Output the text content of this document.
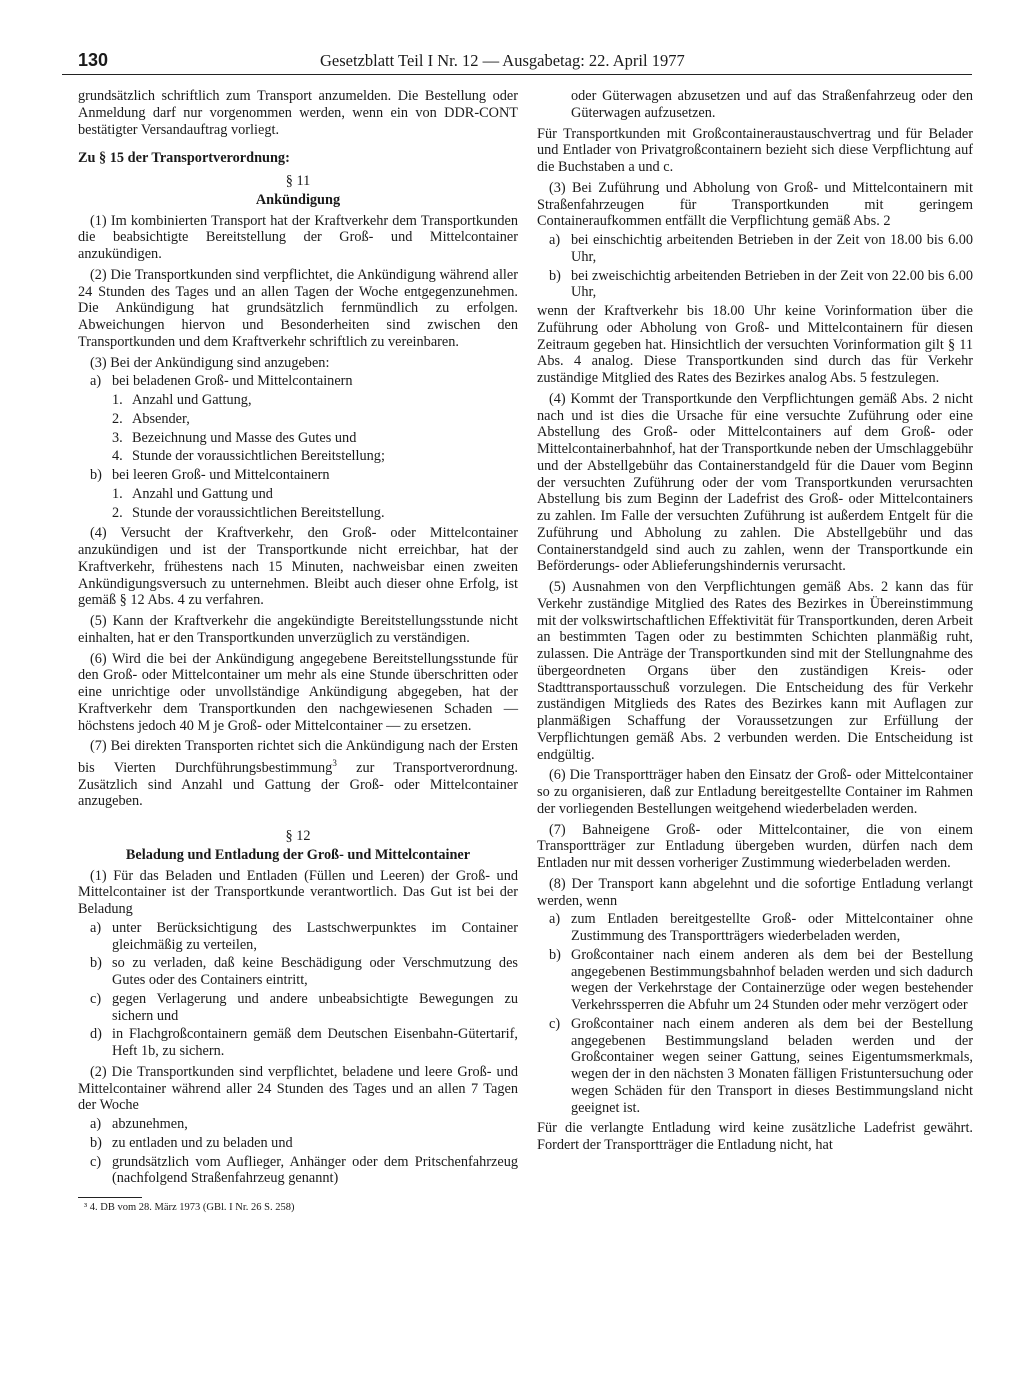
130	Gesetzblatt Teil I Nr. 12 — Ausgabetag: 22. April 1977

grundsätzlich schriftlich zum Transport anzumelden. Die Bestellung oder Anmeldung darf nur vorgenommen werden, wenn ein von DDR-CONT bestätigter Versandauftrag vorliegt.

Zu § 15 der Transportverordnung:

§ 11

Ankündigung

(1) Im kombinierten Transport hat der Kraftverkehr dem Transportkunden die beabsichtigte Bereitstellung der Groß- und Mittelcontainer anzukündigen.

(2) Die Transportkunden sind verpflichtet, die Ankündigung während aller 24 Stunden des Tages und an allen Tagen der Woche entgegenzunehmen. Die Ankündigung hat grundsätzlich fernmündlich zu erfolgen. Abweichungen hiervon und Besonderheiten sind zwischen den Transportkunden und dem Kraftverkehr schriftlich zu vereinbaren.

(3) Bei der Ankündigung sind anzugeben:

a) bei beladenen Groß- und Mittelcontainern
1. Anzahl und Gattung,
2. Absender,
3. Bezeichnung und Masse des Gutes und
4. Stunde der voraussichtlichen Bereitstellung;
b) bei leeren Groß- und Mittelcontainern
1. Anzahl und Gattung und
2. Stunde der voraussichtlichen Bereitstellung.

(4) Versucht der Kraftverkehr, den Groß- oder Mittelcontainer anzukündigen und ist der Transportkunde nicht erreichbar, hat der Kraftverkehr, frühestens nach 15 Minuten, nachweisbar einen zweiten Ankündigungsversuch zu unternehmen. Bleibt auch dieser ohne Erfolg, ist gemäß § 12 Abs. 4 zu verfahren.

(5) Kann der Kraftverkehr die angekündigte Bereitstellungsstunde nicht einhalten, hat er den Transportkunden unverzüglich zu verständigen.

(6) Wird die bei der Ankündigung angegebene Bereitstellungsstunde für den Groß- oder Mittelcontainer um mehr als eine Stunde überschritten oder eine unrichtige oder unvollständige Ankündigung abgegeben, hat der Kraftverkehr dem Transportkunden den nachgewiesenen Schaden — höchstens jedoch 40 M je Groß- oder Mittelcontainer — zu ersetzen.

(7) Bei direkten Transporten richtet sich die Ankündigung nach der Ersten bis Vierten Durchführungsbestimmung$^3$ zur Transportverordnung. Zusätzlich sind Anzahl und Gattung der Groß- oder Mittelcontainer anzugeben.

§ 12

Beladung und Entladung der Groß- und Mittelcontainer

(1) Für das Beladen und Entladen (Füllen und Leeren) der Groß- und Mittelcontainer ist der Transportkunde verantwortlich. Das Gut ist bei der Beladung

a) unter Berücksichtigung des Lastschwerpunktes im Container gleichmäßig zu verteilen,
b) so zu verladen, daß keine Beschädigung oder Verschmutzung des Gutes oder des Containers eintritt,
c) gegen Verlagerung und andere unbeabsichtigte Bewegungen zu sichern und
d) in Flachgroßcontainern gemäß dem Deutschen Eisenbahn-Gütertarif, Heft 1b, zu sichern.

(2) Die Transportkunden sind verpflichtet, beladene und leere Groß- und Mittelcontainer während aller 24 Stunden des Tages und an allen 7 Tagen der Woche

a) abzunehmen,
b) zu entladen und zu beladen und
c) grundsätzlich vom Auflieger, Anhänger oder dem Pritschenfahrzeug (nachfolgend Straßenfahrzeug genannt)
³ 4. DB vom 28. März 1973 (GBl. I Nr. 26 S. 258)

oder Güterwagen abzusetzen und auf das Straßenfahrzeug oder den Güterwagen aufzusetzen.

Für Transportkunden mit Großcontaineraustauschvertrag und für Belader und Entlader von Privatgroßcontainern bezieht sich diese Verpflichtung auf die Buchstaben a und c.

(3) Bei Zuführung und Abholung von Groß- und Mittelcontainern mit Straßenfahrzeugen für Transportkunden mit geringem Containeraufkommen entfällt die Verpflichtung gemäß Abs. 2

a) bei einschichtig arbeitenden Betrieben in der Zeit von 18.00 bis 6.00 Uhr,
b) bei zweischichtig arbeitenden Betrieben in der Zeit von 22.00 bis 6.00 Uhr,

wenn der Kraftverkehr bis 18.00 Uhr keine Vorinformation über die Zuführung oder Abholung von Groß- und Mittelcontainern für diesen Zeitraum gegeben hat. Hinsichtlich der versuchten Vorinformation gilt § 11 Abs. 4 analog. Diese Transportkunden sind durch das für Verkehr zuständige Mitglied des Rates des Bezirkes analog Abs. 5 festzulegen.

(4) Kommt der Transportkunde den Verpflichtungen gemäß Abs. 2 nicht nach und ist dies die Ursache für eine versuchte Zuführung oder eine Abstellung des Groß- oder Mittelcontainers auf dem Groß- oder Mittelcontainerbahnhof, hat der Transportkunde neben der Umschlaggebühr und der Abstellgebühr das Containerstandgeld für die Dauer vom Beginn der versuchten Zuführung oder der vom Transportkunden verursachten Abstellung bis zum Beginn der Ladefrist des Groß- oder Mittelcontainers zu zahlen. Im Falle der versuchten Zuführung ist außerdem Entgelt für die Zuführung und Abholung zu zahlen. Die Abstellgebühr und das Containerstandgeld sind auch zu zahlen, wenn der Transportkunde ein Beförderungs- oder Ablieferungshindernis verursacht.

(5) Ausnahmen von den Verpflichtungen gemäß Abs. 2 kann das für Verkehr zuständige Mitglied des Rates des Bezirkes in Übereinstimmung mit der volkswirtschaftlichen Effektivität für Transportkunden, deren Arbeit an bestimmten Tagen oder zu bestimmten Schichten planmäßig ruht, zulassen. Die Anträge der Transportkunden sind mit der Stellungnahme des übergeordneten Organs über den zuständigen Kreis- oder Stadttransportausschuß vorzulegen. Die Entscheidung des für Verkehr zuständigen Mitglieds des Rates des Bezirkes kann mit Auflagen zur planmäßigen Schaffung der Voraussetzungen zur Erfüllung der Verpflichtungen gemäß Abs. 2 verbunden werden. Die Entscheidung ist endgültig.

(6) Die Transportträger haben den Einsatz der Groß- oder Mittelcontainer so zu organisieren, daß zur Entladung bereitgestellte Container im Rahmen der vorliegenden Bestellungen weitgehend wiederbeladen werden.

(7) Bahneigene Groß- oder Mittelcontainer, die von einem Transportträger zur Entladung übergeben wurden, dürfen nach dem Entladen nur mit dessen vorheriger Zustimmung wiederbeladen werden.

(8) Der Transport kann abgelehnt und die sofortige Entladung verlangt werden, wenn

a) zum Entladen bereitgestellte Groß- oder Mittelcontainer ohne Zustimmung des Transportträgers wiederbeladen werden,
b) Großcontainer nach einem anderen als dem bei der Bestellung angegebenen Bestimmungsbahnhof beladen werden und sich dadurch wegen der Verkehrstage der Containerzüge oder wegen bestehender Verkehrssperren die Abfuhr um 24 Stunden oder mehr verzögert oder
c) Großcontainer nach einem anderen als dem bei der Bestellung angegebenen Bestimmungsland beladen werden und der Großcontainer wegen seiner Gattung, seines Eigentumsmerkmals, wegen der in den nächsten 3 Monaten fälligen Fristuntersuchung oder wegen Schäden für den Transport in dieses Bestimmungsland nicht geeignet ist.

Für die verlangte Entladung wird keine zusätzliche Ladefrist gewährt. Fordert der Transportträger die Entladung nicht, hat
